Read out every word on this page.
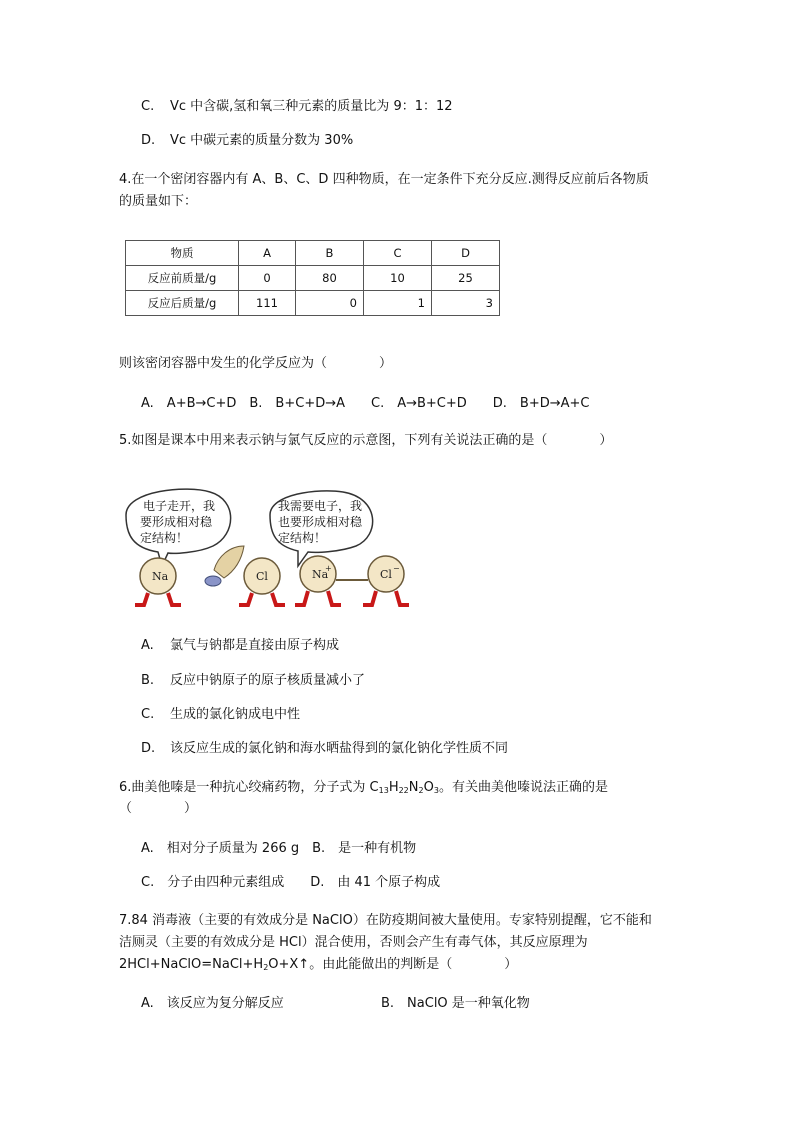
C. Vc 中含碳,氢和氧三种元素的质量比为 9：1：12
D. Vc 中碳元素的质量分数为 30%
4.在一个密闭容器内有 A、B、C、D 四种物质，在一定条件下充分反应.测得反应前后各物质
的质量如下：
物质	A	B	C	D
反应前质量/g	0	80	10	25
反应后质量/g	111	0	1	3
则该密闭容器中发生的化学反应为（　　　　）
A.　A+B→C+D　B.　B+C+D→A　　C.　A→B+C+D　　D.　B+D→A+C
5.如图是课本中用来表示钠与氯气反应的示意图，下列有关说法正确的是（　　　　）
电子走开，我
要形成相对稳
定结构！
我需要电子，我
也要形成相对稳
定结构！
Na	Cl	Na
+	Cl −
A. 氯气与钠都是直接由原子构成
B. 反应中钠原子的原子核质量减小了
C. 生成的氯化钠成电中性
D. 该反应生成的氯化钠和海水晒盐得到的氯化钠化学性质不同
6.曲美他嗪是一种抗心绞痛药物，分子式为 $C_{13}H_{22}N_2O_3$。有关曲美他嗪说法正确的是
（　　　　）
A.　相对分子质量为 266 g　B.　是一种有机物
C.　分子由四种元素组成　　D.　由 41 个原子构成
7.84 消毒液（主要的有效成分是 NaClO）在防疫期间被大量使用。专家特别提醒，它不能和
洁厕灵（主要的有效成分是 HCl）混合使用，否则会产生有毒气体，其反应原理为
$2HCl+NaClO=NaCl+H_2O+X↑$。由此能做出的判断是（　　　　）
A.　该反应为复分解反应	B.　NaClO 是一种氧化物
